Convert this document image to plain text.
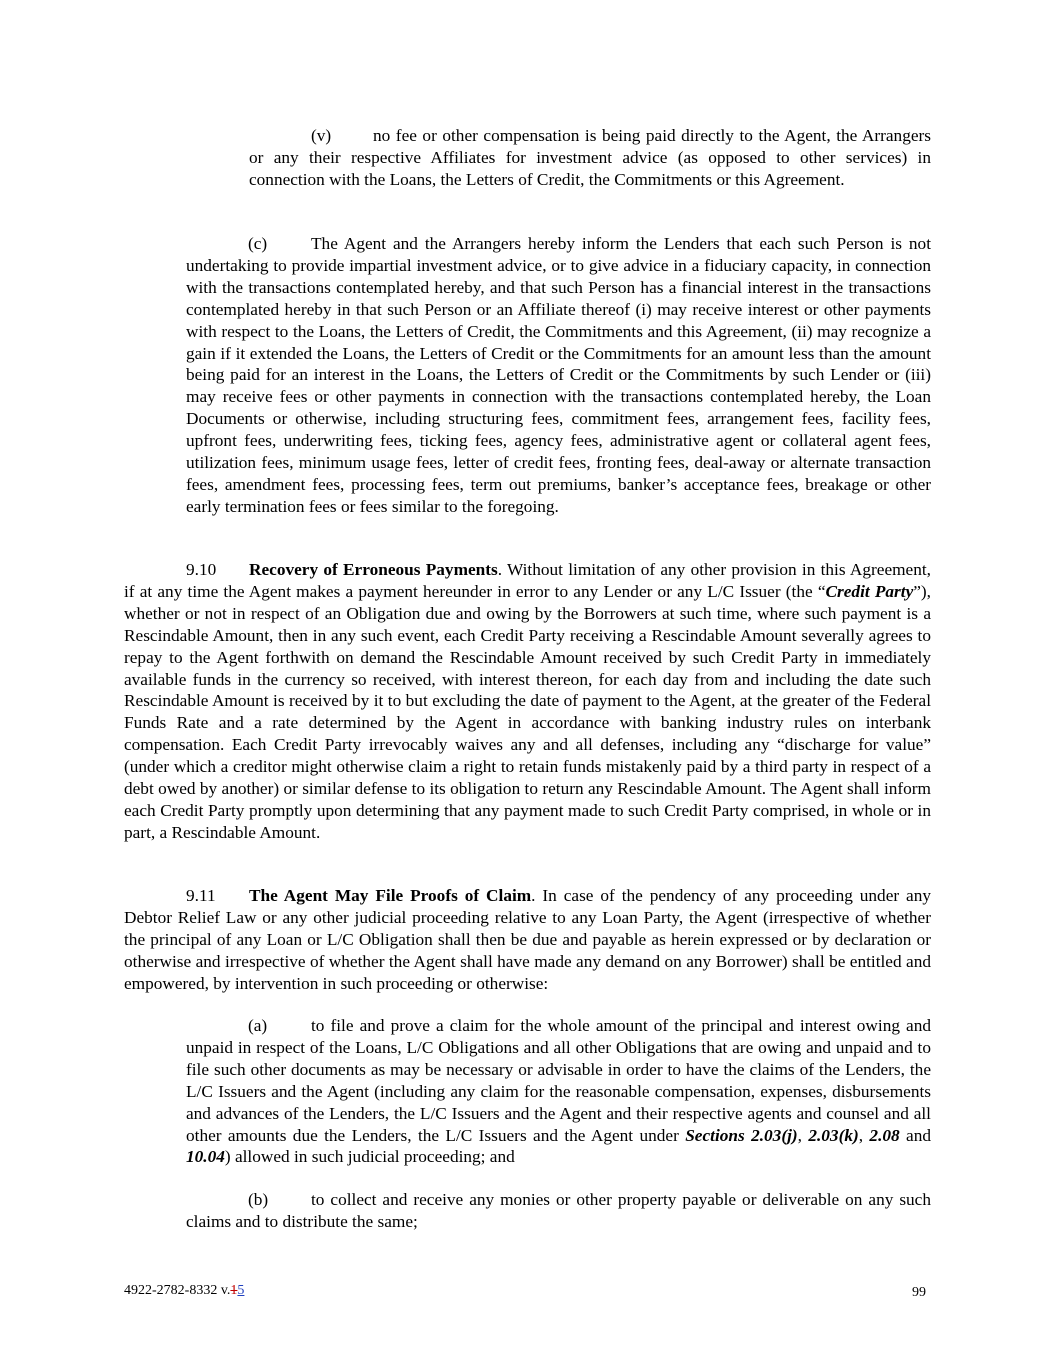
(v) no fee or other compensation is being paid directly to the Agent, the Arrangers or any their respective Affiliates for investment advice (as opposed to other services) in connection with the Loans, the Letters of Credit, the Commitments or this Agreement.

(c)	The Agent and the Arrangers hereby inform the Lenders that each such Person is not undertaking to provide impartial investment advice, or to give advice in a fiduciary capacity, in connection with the transactions contemplated hereby, and that such Person has a financial interest in the transactions contemplated hereby in that such Person or an Affiliate thereof (i) may receive interest or other payments with respect to the Loans, the Letters of Credit, the Commitments and this Agreement, (ii) may recognize a gain if it extended the Loans, the Letters of Credit or the Commitments for an amount less than the amount being paid for an interest in the Loans, the Letters of Credit or the Commitments by such Lender or (iii) may receive fees or other payments in connection with the transactions contemplated hereby, the Loan Documents or otherwise, including structuring fees, commitment fees, arrangement fees, facility fees, upfront fees, underwriting fees, ticking fees, agency fees, administrative agent or collateral agent fees, utilization fees, minimum usage fees, letter of credit fees, fronting fees, deal-away or alternate transaction fees, amendment fees, processing fees, term out premiums, banker’s acceptance fees, breakage or other early termination fees or fees similar to the foregoing.

9.10 Recovery of Erroneous Payments. Without limitation of any other provision in this Agreement, if at any time the Agent makes a payment hereunder in error to any Lender or any L/C Issuer (the “Credit Party”), whether or not in respect of an Obligation due and owing by the Borrowers at such time, where such payment is a Rescindable Amount, then in any such event, each Credit Party receiving a Rescindable Amount severally agrees to repay to the Agent forthwith on demand the Rescindable Amount received by such Credit Party in immediately available funds in the currency so received, with interest thereon, for each day from and including the date such Rescindable Amount is received by it to but excluding the date of payment to the Agent, at the greater of the Federal Funds Rate and a rate determined by the Agent in accordance with banking industry rules on interbank compensation. Each Credit Party irrevocably waives any and all defenses, including any “discharge for value” (under which a creditor might otherwise claim a right to retain funds mistakenly paid by a third party in respect of a debt owed by another) or similar defense to its obligation to return any Rescindable Amount. The Agent shall inform each Credit Party promptly upon determining that any payment made to such Credit Party comprised, in whole or in part, a Rescindable Amount.

9.11 The Agent May File Proofs of Claim. In case of the pendency of any proceeding under any Debtor Relief Law or any other judicial proceeding relative to any Loan Party, the Agent (irrespective of whether the principal of any Loan or L/C Obligation shall then be due and payable as herein expressed or by declaration or otherwise and irrespective of whether the Agent shall have made any demand on any Borrower) shall be entitled and empowered, by intervention in such proceeding or otherwise:

(a)	to file and prove a claim for the whole amount of the principal and interest owing and unpaid in respect of the Loans, L/C Obligations and all other Obligations that are owing and unpaid and to file such other documents as may be necessary or advisable in order to have the claims of the Lenders, the L/C Issuers and the Agent (including any claim for the reasonable compensation, expenses, disbursements and advances of the Lenders, the L/C Issuers and the Agent and their respective agents and counsel and all other amounts due the Lenders, the L/C Issuers and the Agent under Sections 2.03(j), 2.03(k), 2.08 and 10.04) allowed in such judicial proceeding; and

(b) to collect and receive any monies or other property payable or deliverable on any such claims and to distribute the same;

4922-2782-8332 v.15	99
